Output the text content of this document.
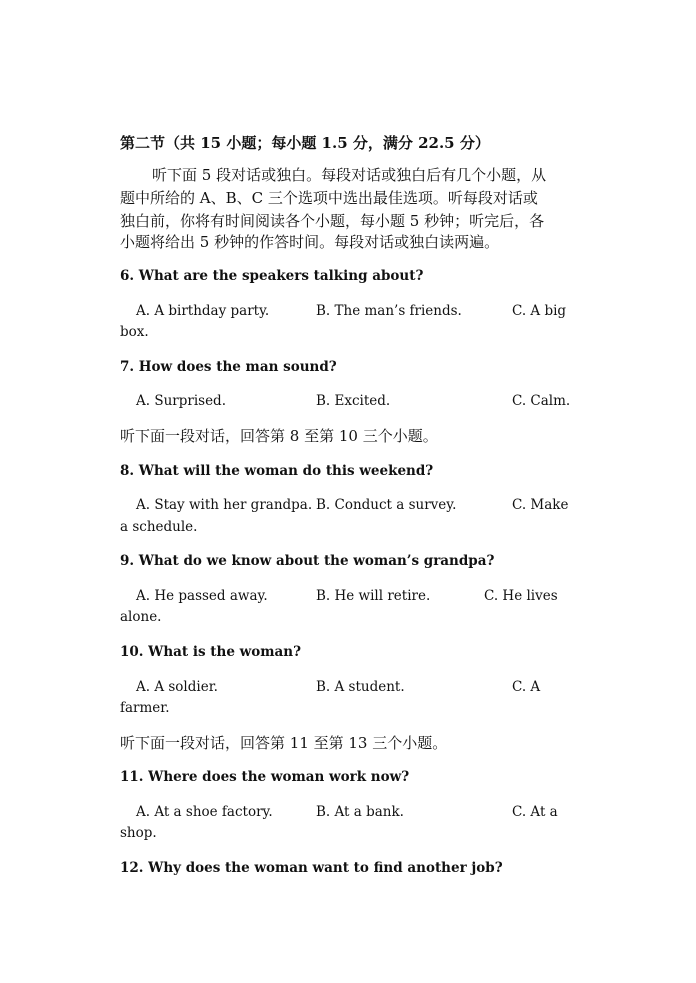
第二节（共 15 小题；每小题 1.5 分，满分 22.5 分）
听下面 5 段对话或独白。每段对话或独白后有几个小题，从
题中所给的 A、B、C 三个选项中选出最佳选项。听每段对话或
独白前，你将有时间阅读各个小题，每小题 5 秒钟；听完后，各
小题将给出 5 秒钟的作答时间。每段对话或独白读两遍。
6. What are the speakers talking about?
A. A birthday party.	B. The man’s friends.	C. A big
box.
7. How does the man sound?
A. Surprised.	B. Excited.	C. Calm.
听下面一段对话，回答第 8 至第 10 三个小题。
8. What will the woman do this weekend?
A. Stay with her grandpa. B. Conduct a survey.	C. Make
a schedule.
9. What do we know about the woman’s grandpa?
A. He passed away.	B. He will retire.	C. He lives
alone.
10. What is the woman?
A. A soldier.	B. A student.	C. A
farmer.
听下面一段对话，回答第 11 至第 13 三个小题。
11. Where does the woman work now?
A. At a shoe factory.	B. At a bank.	C. At a
shop.
12. Why does the woman want to find another job?
